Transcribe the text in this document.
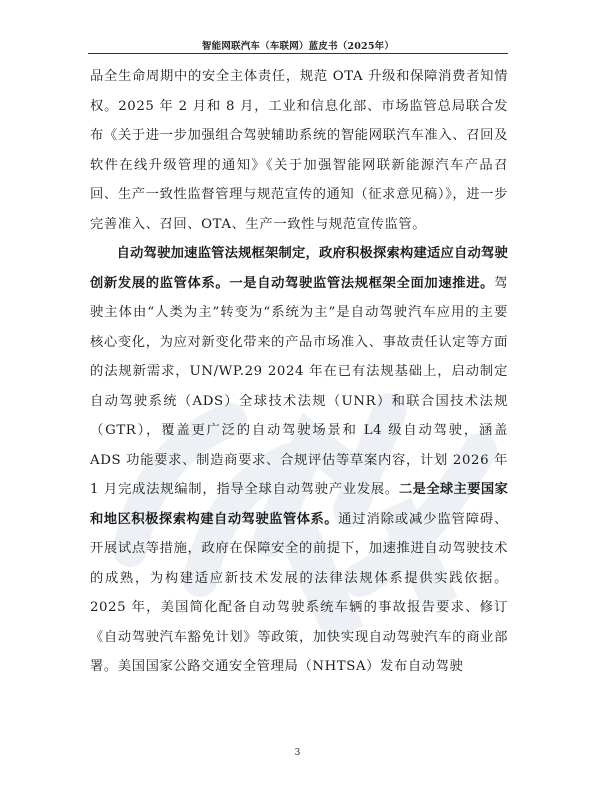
智能网联汽车（车联网）蓝皮书（2025年）

品全生命周期中的安全主体责任，规范 OTA 升级和保障消费者知情权。2025 年 2 月和 8 月，工业和信息化部、市场监管总局联合发布《关于进一步加强组合驾驶辅助系统的智能网联汽车准入、召回及软件在线升级管理的通知》《关于加强智能网联新能源汽车产品召回、生产一致性监督管理与规范宣传的通知（征求意见稿）》，进一步完善准入、召回、OTA、生产一致性与规范宣传监管。

自动驾驶加速监管法规框架制定，政府积极探索构建适应自动驾驶创新发展的监管体系。一是自动驾驶监管法规框架全面加速推进。驾驶主体由“人类为主”转变为“系统为主”是自动驾驶汽车应用的主要核心变化，为应对新变化带来的产品市场准入、事故责任认定等方面的法规新需求，UN/WP.29 2024 年在已有法规基础上，启动制定自动驾驶系统（ADS）全球技术法规（UNR）和联合国技术法规（GTR），覆盖更广泛的自动驾驶场景和 L4 级自动驾驶，涵盖 ADS 功能要求、制造商要求、合规评估等草案内容，计划 2026 年 1 月完成法规编制，指导全球自动驾驶产业发展。二是全球主要国家和地区积极探索构建自动驾驶监管体系。通过消除或减少监管障碍、开展试点等措施，政府在保障安全的前提下，加速推进自动驾驶技术的成熟，为构建适应新技术发展的法律法规体系提供实践依据。2025 年，美国简化配备自动驾驶系统车辆的事故报告要求、修订《自动驾驶汽车豁免计划》等政策，加快实现自动驾驶汽车的商业部署。美国国家公路交通安全管理局（NHTSA）发布自动驾驶

3
